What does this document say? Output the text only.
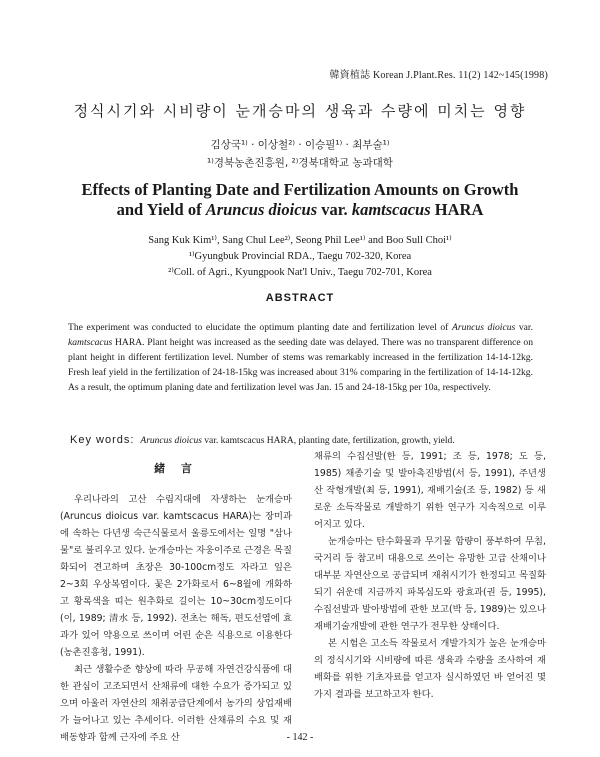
韓資植誌 Korean J.Plant.Res. 11(2) 142~145(1998)
정식시기와 시비량이 눈개승마의 생육과 수량에 미치는 영향
김상국¹⁾ · 이상철²⁾ · 이승필¹⁾ · 최부술¹⁾
¹⁾경북농촌진흥원, ²⁾경북대학교 농과대학
Effects of Planting Date and Fertilization Amounts on Growth
and Yield of Aruncus dioicus var. kamtscacus HARA
Sang Kuk Kim¹⁾, Sang Chul Lee²⁾, Seong Phil Lee¹⁾ and Boo Sull Choi¹⁾
¹⁾Gyungbuk Provincial RDA., Taegu 702-320, Korea
²⁾Coll. of Agri., Kyungpook Nat'l Univ., Taegu 702-701, Korea
ABSTRACT
The experiment was conducted to elucidate the optimum planting date and fertilization level of Aruncus dioicus var. kamtscacus HARA. Plant height was increased as the seeding date was delayed. There was no transparent difference on plant height in different fertilization level. Number of stems was remarkably increased in the fertilization 14-14-12kg. Fresh leaf yield in the fertilization of 24-18-15kg was increased about 31% comparing in the fertilization of 14-14-12kg. As a result, the optimum planing date and fertilization level was Jan. 15 and 24-18-15kg per 10a, respectively.
Key words: Aruncus dioicus var. kamtscacus HARA, planting date, fertilization, growth, yield.
緒 言

우리나라의 고산 수림지대에 자생하는 눈개승마(Aruncus dioicus var. kamtscacus HARA)는 장미과에 속하는 다년생 숙근식물로서 울릉도에서는 일명 "삼나물"로 불리우고 있다. 눈개승마는 자웅이주로 근경은 목질화되어 견고하며 초장은 30-100cm정도 자라고 잎은 2~3회 우상복엽이다. 꽃은 2가화로서 6~8월에 개화하고 황록색을 띠는 원추화로 길이는 10~30cm정도이다(이, 1989; 清水 등, 1992). 전초는 해독, 편도선염에 효과가 있어 약용으로 쓰이며 어린 순은 식용으로 이용한다(농촌진흥청, 1991).

최근 생활수준 향상에 따라 무공해 자연건강식품에 대한 관심이 고조되면서 산채류에 대한 수요가 증가되고 있으며 아울러 자연산의 채취공급단계에서 농가의 상업재배가 늘어나고 있는 추세이다. 이러한 산채류의 수요 및 재배동향과 함께 근자에 주요 산

채류의 수집선발(한 등, 1991; 조 등, 1978; 도 등, 1985) 채종기술 및 발아촉진방법(서 등, 1991), 주년생산 작형개발(최 등, 1991), 재배기술(조 등, 1982) 등 새로운 소득작물로 개발하기 위한 연구가 지속적으로 이루어지고 있다.

눈개승마는 탄수화물과 무기물 함량이 풍부하여 무침, 국거리 등 참고비 대용으로 쓰이는 유망한 고급 산채이나 대부분 자연산으로 공급되며 재취시기가 한정되고 목질화되기 쉬운데 지금까지 파복심도와 광효과(권 등, 1995), 수집선발과 발아방법에 관한 보고(박 등, 1989)는 있으나 재배기술개발에 관한 연구가 전무한 상태이다.

본 시험은 고소득 작물로서 개발가치가 높은 눈개승마의 정식시기와 시비량에 따른 생육과 수량을 조사하여 재배화를 위한 기초자료를 얻고자 실시하였던 바 얻어진 몇가지 결과를 보고하고자 한다.

- 142 -
